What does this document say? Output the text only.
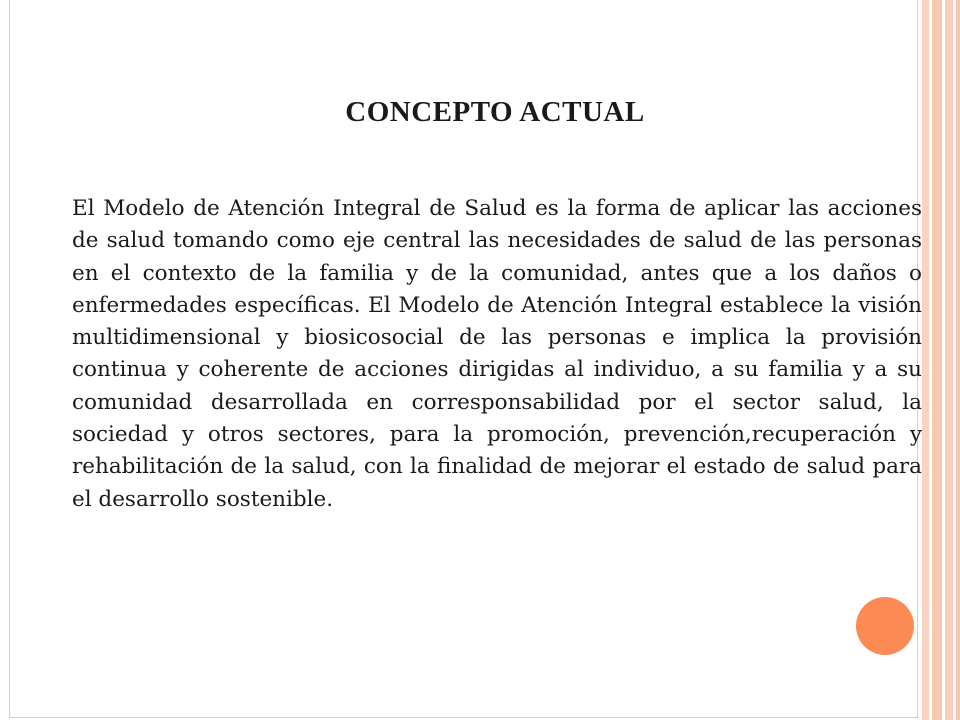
CONCEPTO ACTUAL

El Modelo de Atención Integral de Salud es la forma de aplicar las acciones de salud tomando como eje central las necesidades de salud de las personas en el contexto de la familia y de la comunidad, antes que a los daños o enfermedades específicas. El Modelo de Atención Integral establece la visión multidimensional y biosicosocial de las personas e implica la provisión continua y coherente de acciones dirigidas al individuo, a su familia y a su comunidad desarrollada en corresponsabilidad por el sector salud, la sociedad y otros sectores, para la promoción, prevención,recuperación y rehabilitación de la salud, con la finalidad de mejorar el estado de salud para el desarrollo sostenible.
